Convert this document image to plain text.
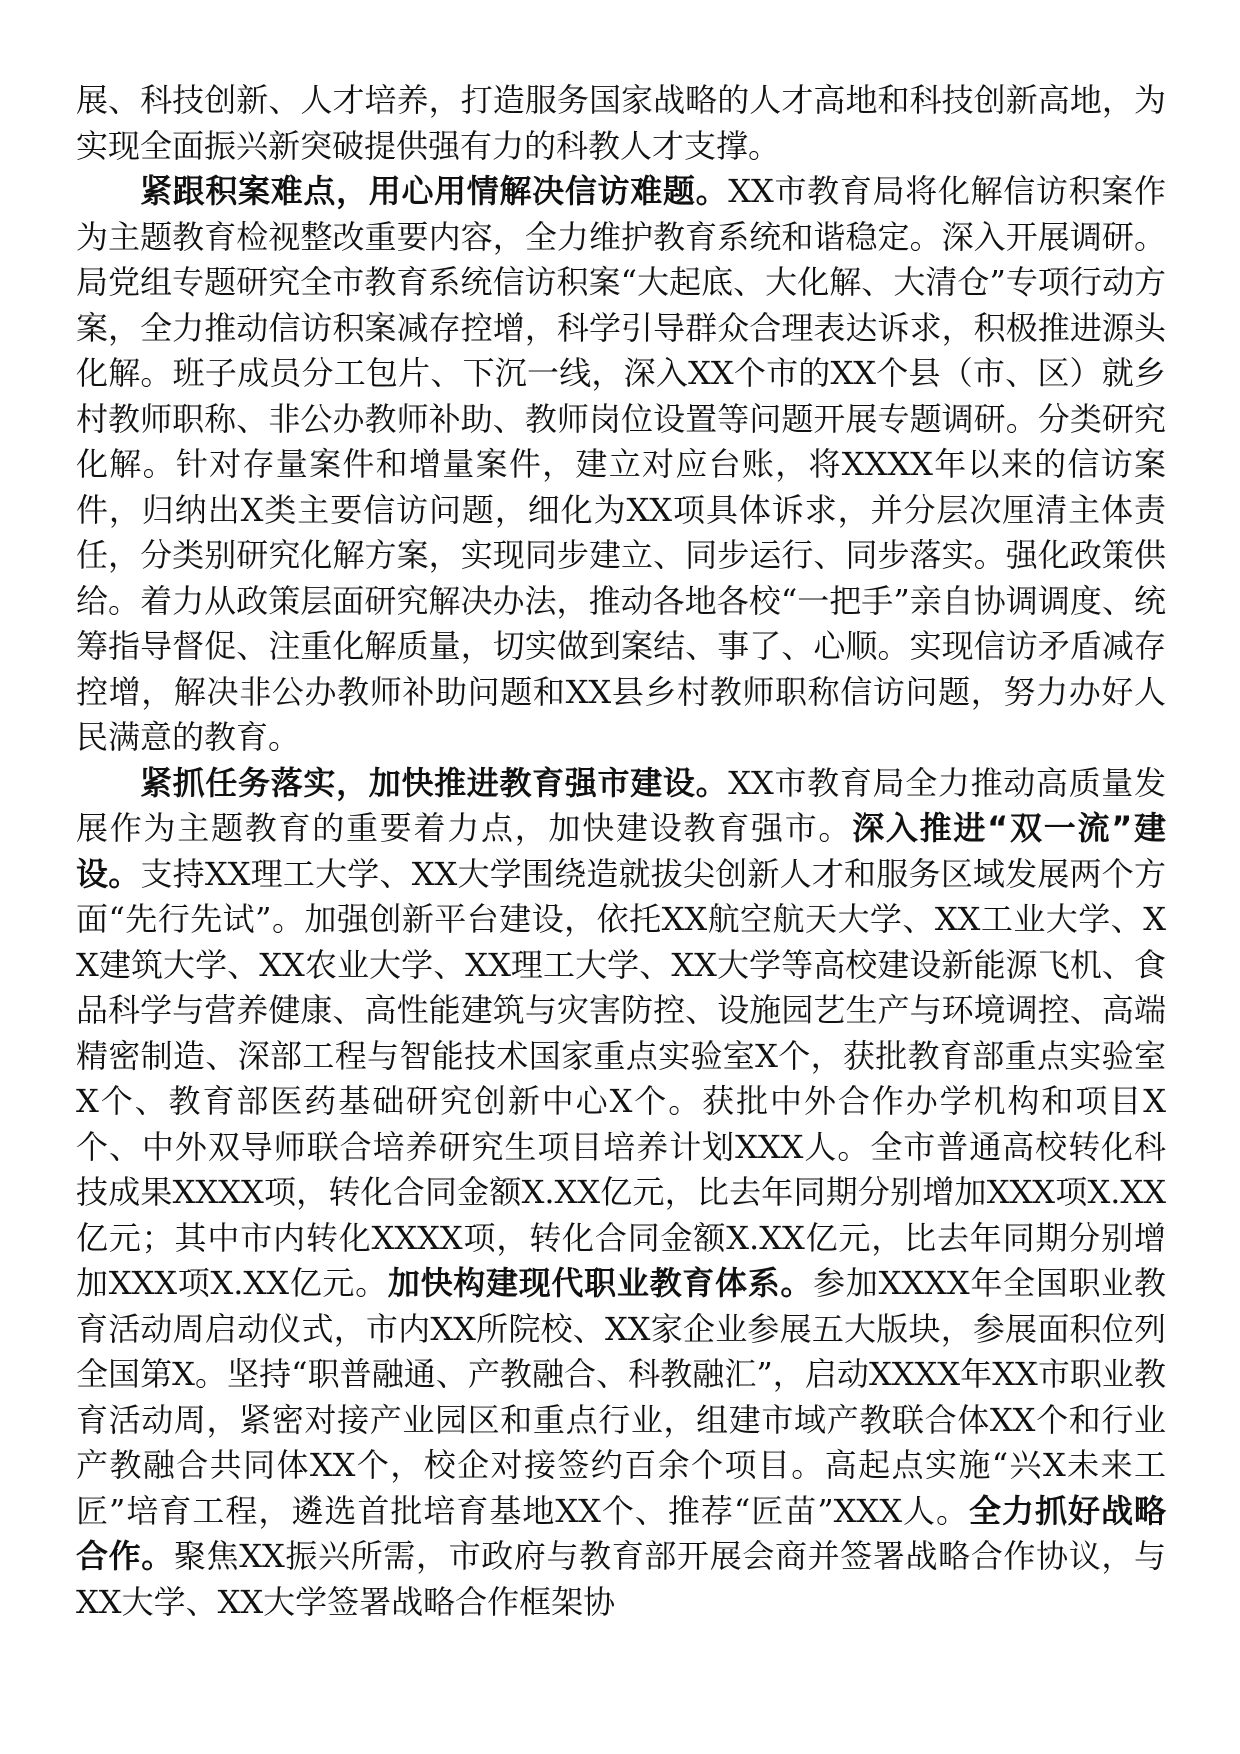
展、科技创新、人才培养，打造服务国家战略的人才高地和科技创新高地，为实现全面振兴新突破提供强有力的科教人才支撑。

紧跟积案难点，用心用情解决信访难题。XX市教育局将化解信访积案作为主题教育检视整改重要内容，全力维护教育系统和谐稳定。深入开展调研。局党组专题研究全市教育系统信访积案“大起底、大化解、大清仓”专项行动方案，全力推动信访积案减存控增，科学引导群众合理表达诉求，积极推进源头化解。班子成员分工包片、下沉一线，深入XX个市的XX个县（市、区）就乡村教师职称、非公办教师补助、教师岗位设置等问题开展专题调研。分类研究化解。针对存量案件和增量案件，建立对应台账，将XXXX年以来的信访案件，归纳出X类主要信访问题，细化为XX项具体诉求，并分层次厘清主体责任，分类别研究化解方案，实现同步建立、同步运行、同步落实。强化政策供给。着力从政策层面研究解决办法，推动各地各校“一把手”亲自协调调度、统筹指导督促、注重化解质量，切实做到案结、事了、心顺。实现信访矛盾减存控增，解决非公办教师补助问题和XX县乡村教师职称信访问题，努力办好人民满意的教育。

紧抓任务落实，加快推进教育强市建设。XX市教育局全力推动高质量发展作为主题教育的重要着力点，加快建设教育强市。深入推进“双一流”建设。支持XX理工大学、XX大学围绕造就拔尖创新人才和服务区域发展两个方面“先行先试”。加强创新平台建设，依托XX航空航天大学、XX工业大学、XX建筑大学、XX农业大学、XX理工大学、XX大学等高校建设新能源飞机、食品科学与营养健康、高性能建筑与灾害防控、设施园艺生产与环境调控、高端精密制造、深部工程与智能技术国家重点实验室X个，获批教育部重点实验室X个、教育部医药基础研究创新中心X个。获批中外合作办学机构和项目X个、中外双导师联合培养研究生项目培养计划XXX人。全市普通高校转化科技成果XXXX项，转化合同金额X.XX亿元，比去年同期分别增加XXX项X.XX亿元；其中市内转化XXXX项，转化合同金额X.XX亿元，比去年同期分别增加XXX项X.XX亿元。加快构建现代职业教育体系。参加XXXX年全国职业教育活动周启动仪式，市内XX所院校、XX家企业参展五大版块，参展面积位列全国第X。坚持“职普融通、产教融合、科教融汇”，启动XXXX年XX市职业教育活动周，紧密对接产业园区和重点行业，组建市域产教联合体XX个和行业产教融合共同体XX个，校企对接签约百余个项目。高起点实施“兴X未来工匠”培育工程，遴选首批培育基地XX个、推荐“匠苗”XXX人。全力抓好战略合作。聚焦XX振兴所需，市政府与教育部开展会商并签署战略合作协议，与XX大学、XX大学签署战略合作框架协
